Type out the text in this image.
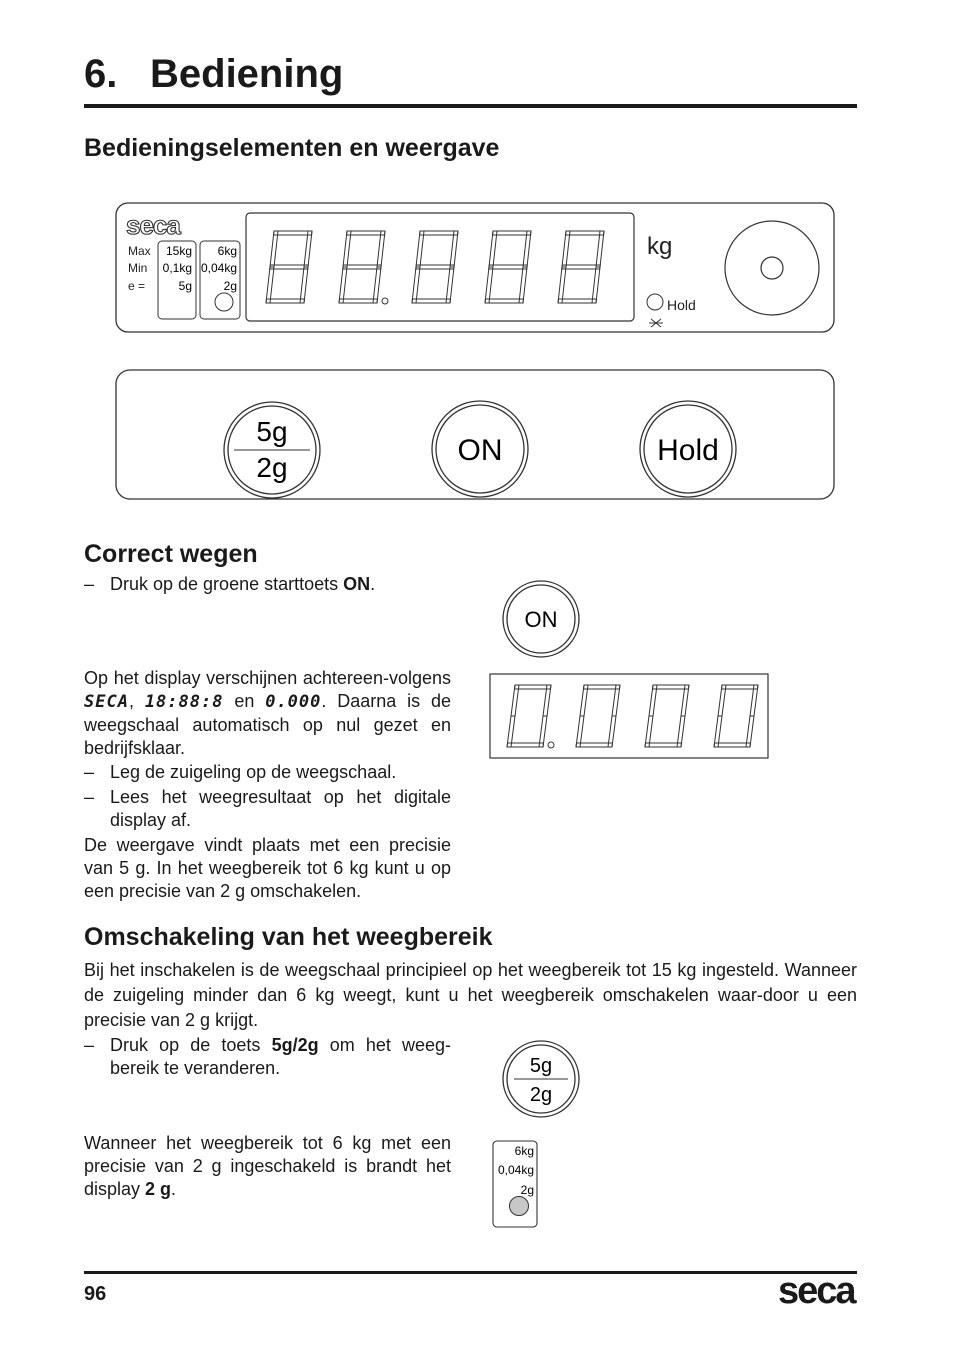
6. Bediening
Bedieningselementen en weergave
seca
Max
Min
e =
15kg
0,1kg
5g
6kg
0,04kg
2g
kg
Hold
5g
2g
ON	Hold
Correct wegen
– Druk op de groene starttoets ON.
ON
Op het display verschijnen achtereen-volgens SECA, 18:88:8 en 0.000. Daarna is de weegschaal automatisch op nul gezet en bedrijfsklaar.
– Leg de zuigeling op de weegschaal.
– Lees het weegresultaat op het digitale display af.
De weergave vindt plaats met een precisie van 5 g. In het weegbereik tot 6 kg kunt u op een precisie van 2 g omschakelen.
Omschakeling van het weegbereik
Bij het inschakelen is de weegschaal principieel op het weegbereik tot 15 kg ingesteld. Wanneer de zuigeling minder dan 6 kg weegt, kunt u het weegbereik omschakelen waar-door u een precisie van 2 g krijgt.
– Druk op de toets 5g/2g om het weeg-bereik te veranderen.	5g
2g
Wanneer het weegbereik tot 6 kg met een precisie van 2 g ingeschakeld is brandt het display 2 g.
6kg
0,04kg
2g
96	seca
